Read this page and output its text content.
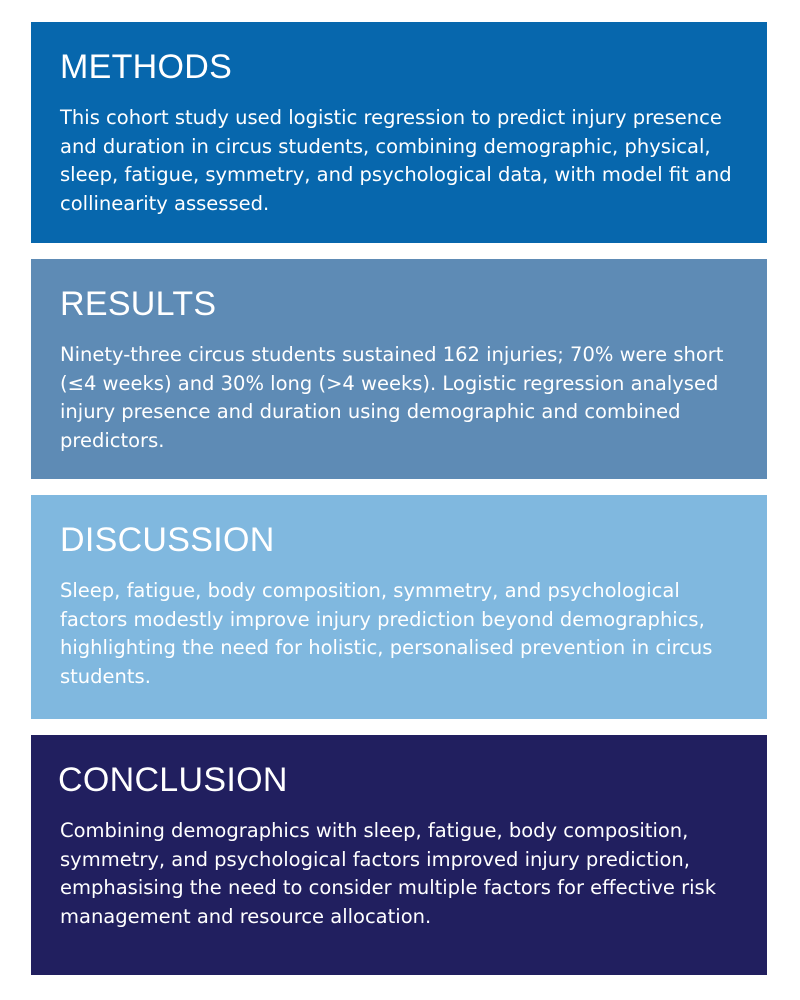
METHODS

This cohort study used logistic regression to predict injury presence and duration in circus students, combining demographic, physical, sleep, fatigue, symmetry, and psychological data, with model fit and collinearity assessed.

RESULTS

Ninety-three circus students sustained 162 injuries; 70% were short (≤4 weeks) and 30% long (>4 weeks). Logistic regression analysed injury presence and duration using demographic and combined predictors.

DISCUSSION

Sleep, fatigue, body composition, symmetry, and psychological factors modestly improve injury prediction beyond demographics, highlighting the need for holistic, personalised prevention in circus students.

CONCLUSION

Combining demographics with sleep, fatigue, body composition, symmetry, and psychological factors improved injury prediction, emphasising the need to consider multiple factors for effective risk management and resource allocation.
